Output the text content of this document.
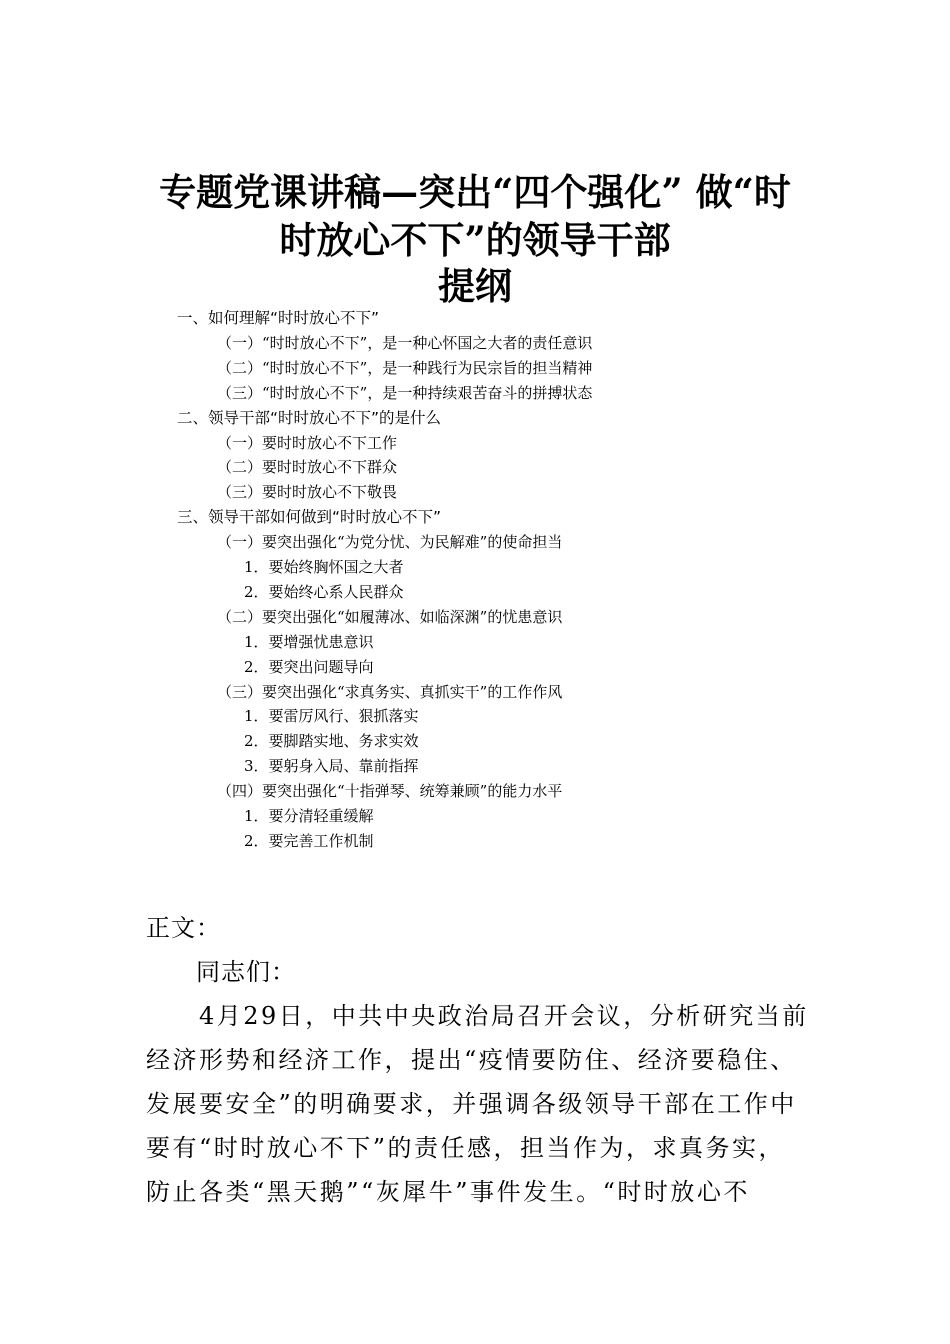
专题党课讲稿—突出“四个强化” 做“时
时放心不下”的领导干部
提纲
一、如何理解“时时放心不下”
（一）“时时放心不下”，是一种心怀国之大者的责任意识
（二）“时时放心不下”，是一种践行为民宗旨的担当精神
（三）“时时放心不下”，是一种持续艰苦奋斗的拼搏状态
二、领导干部“时时放心不下”的是什么
（一）要时时放心不下工作
（二）要时时放心不下群众
（三）要时时放心不下敬畏
三、领导干部如何做到“时时放心不下”
（一）要突出强化“为党分忧、为民解难”的使命担当
1．要始终胸怀国之大者
2．要始终心系人民群众
（二）要突出强化“如履薄冰、如临深渊”的忧患意识
1．要增强忧患意识
2．要突出问题导向
（三）要突出强化“求真务实、真抓实干”的工作作风
1．要雷厉风行、狠抓落实
2．要脚踏实地、务求实效
3．要躬身入局、靠前指挥
（四）要突出强化“十指弹琴、统筹兼顾”的能力水平
1．要分清轻重缓解
2．要完善工作机制
正文：
同志们：
　　4月29日，中共中央政治局召开会议，分析研究当前
经济形势和经济工作，提出“疫情要防住、经济要稳住、
发展要安全”的明确要求，并强调各级领导干部在工作中
要有“时时放心不下”的责任感，担当作为，求真务实，
防止各类“黑天鹅”“灰犀牛”事件发生。“时时放心不
